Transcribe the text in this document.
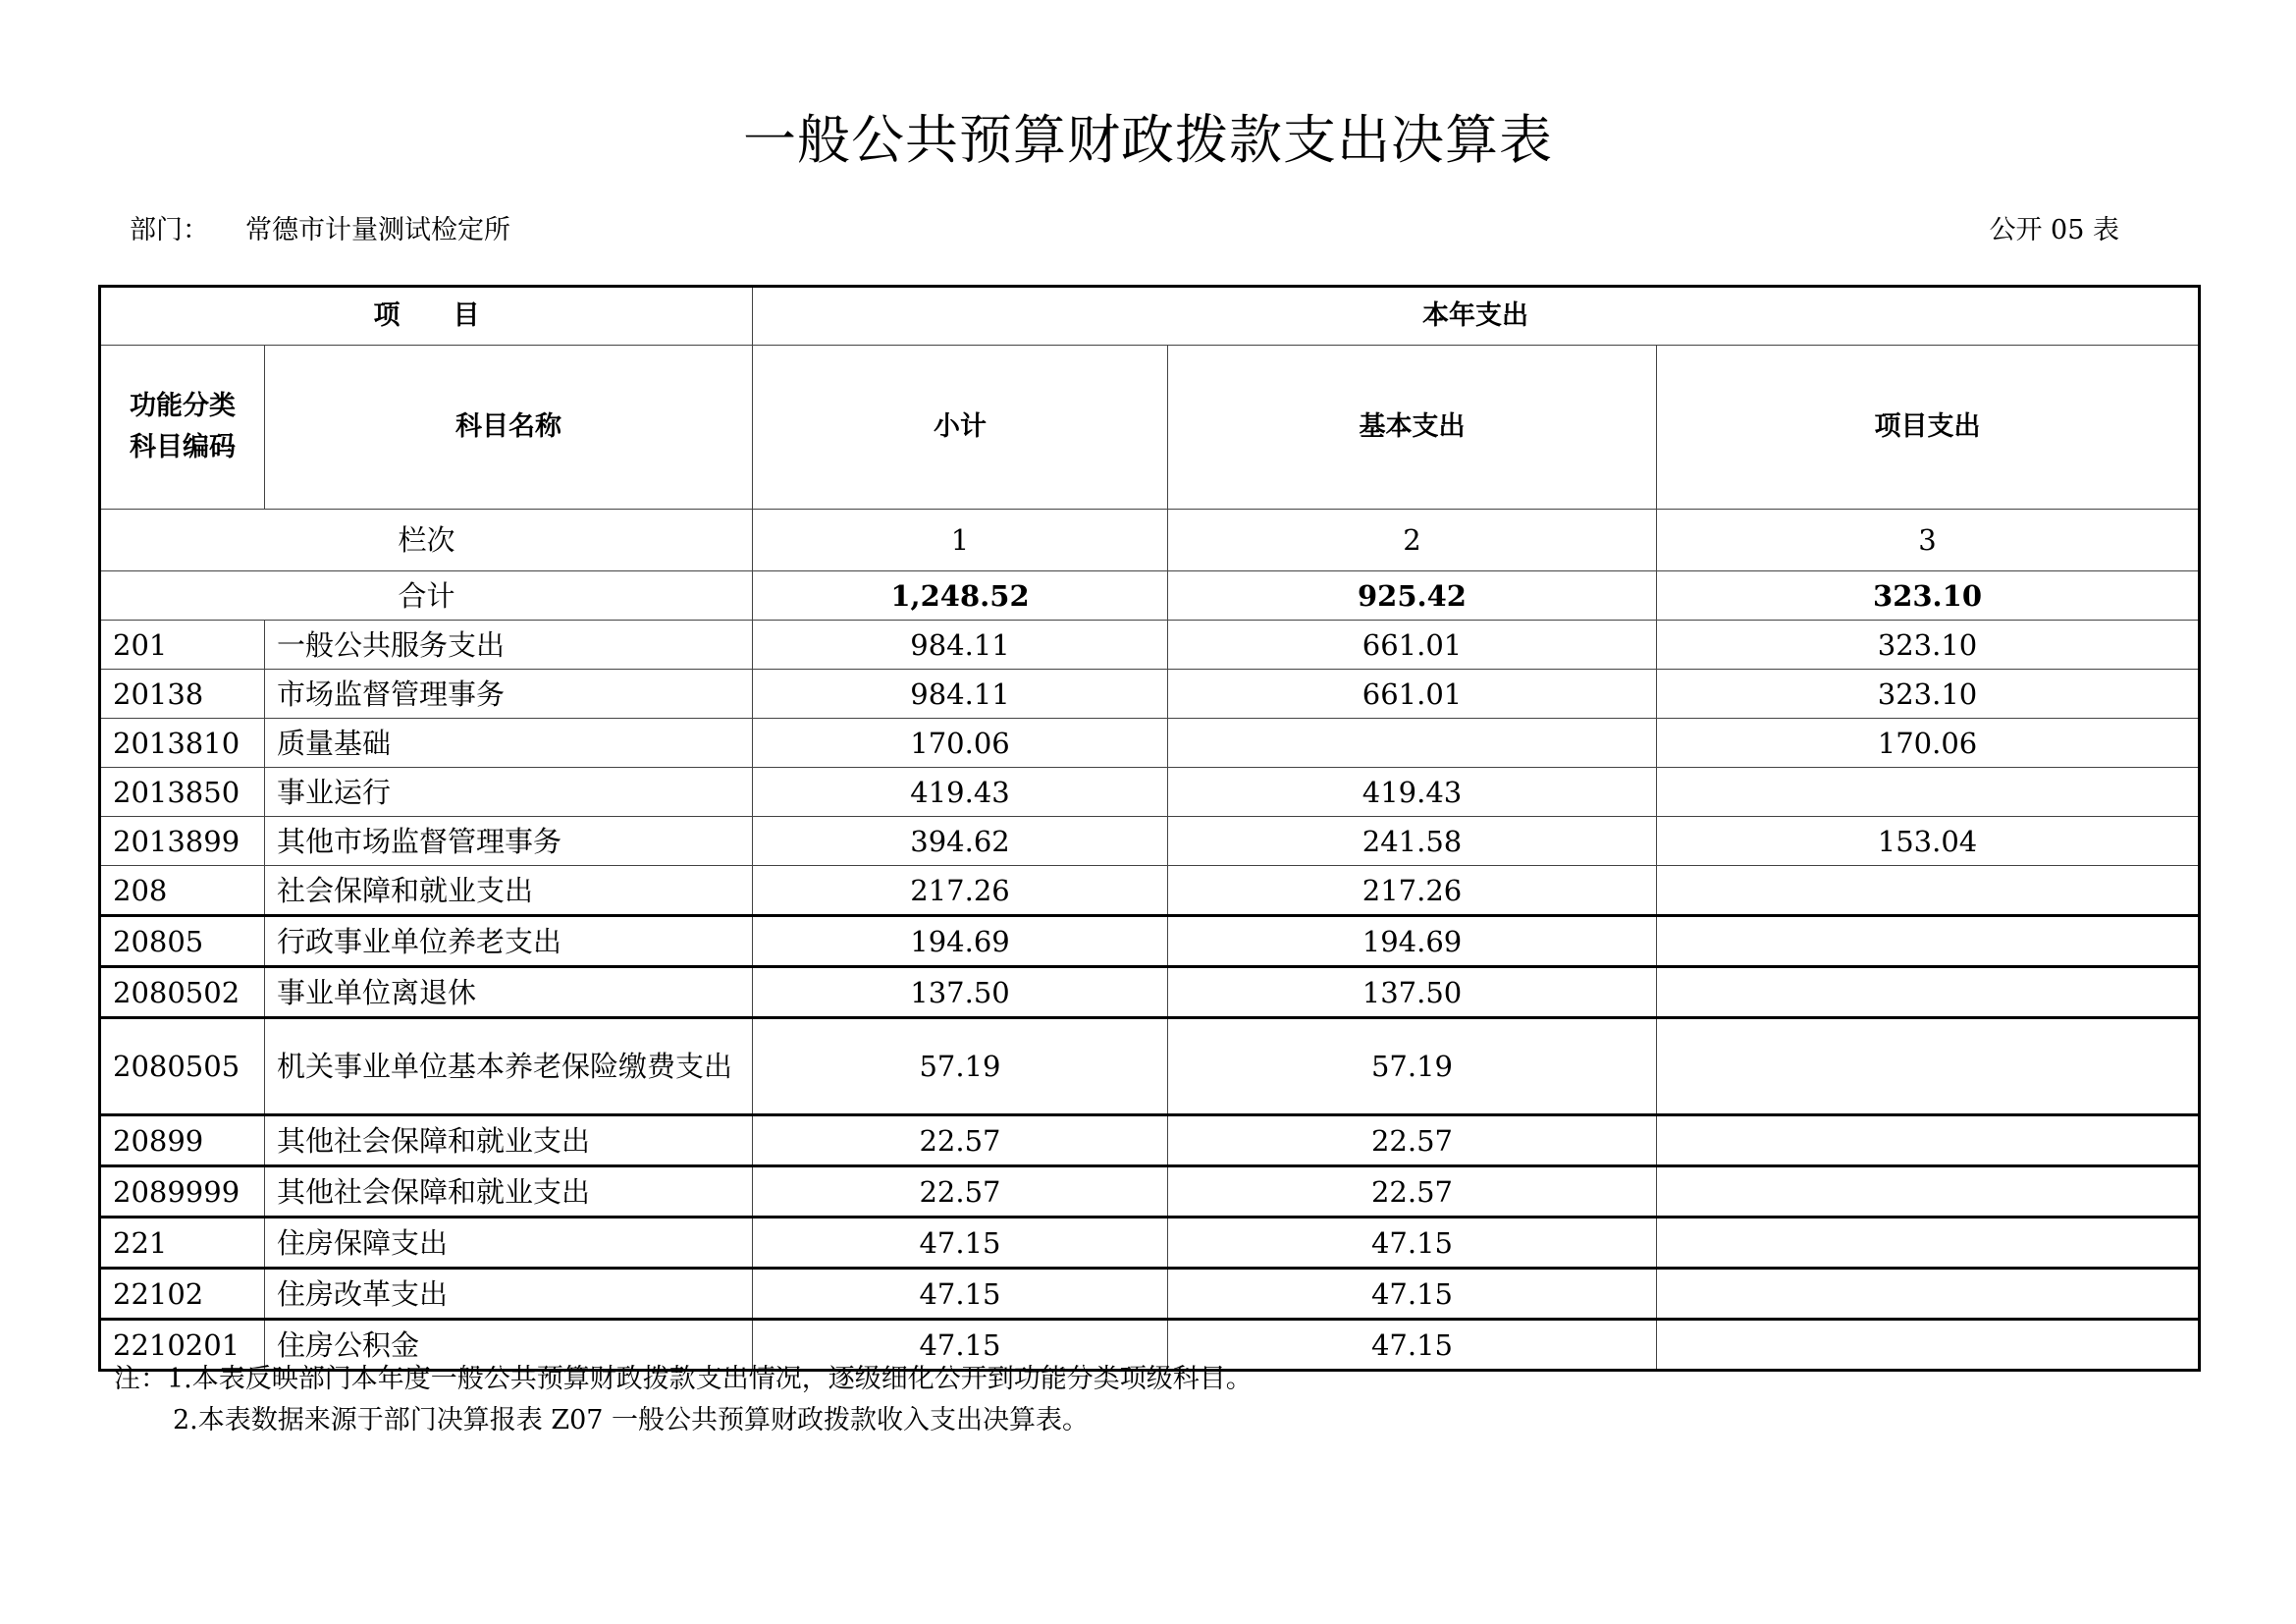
一般公共预算财政拨款支出决算表
部门： 常德市计量测试检定所	公开 05 表
项　　目		本年支出		

功能分类
科目编码	科目名称	小计	基本支出	项目支出
栏次		1	2	3
合计		1,248.52	925.42	323.10
201	一般公共服务支出	984.11	661.01	323.10
20138	市场监督管理事务	984.11	661.01	323.10
2013810	质量基础	170.06		170.06
2013850	事业运行	419.43	419.43	
2013899	其他市场监督管理事务	394.62	241.58	153.04
208	社会保障和就业支出	217.26	217.26	
20805	行政事业单位养老支出	194.69	194.69	
2080502	事业单位离退休	137.50	137.50	
2080505	机关事业单位基本养老保险缴费支出	57.19	57.19	
20899	其他社会保障和就业支出	22.57	22.57	
2089999	其他社会保障和就业支出	22.57	22.57	
221	住房保障支出	47.15	47.15	
22102	住房改革支出	47.15	47.15	
2210201	住房公积金	47.15	47.15	
注：1.本表反映部门本年度一般公共预算财政拨款支出情况，逐级细化公开到功能分类项级科目。
2.本表数据来源于部门决算报表 Z07 一般公共预算财政拨款收入支出决算表。
